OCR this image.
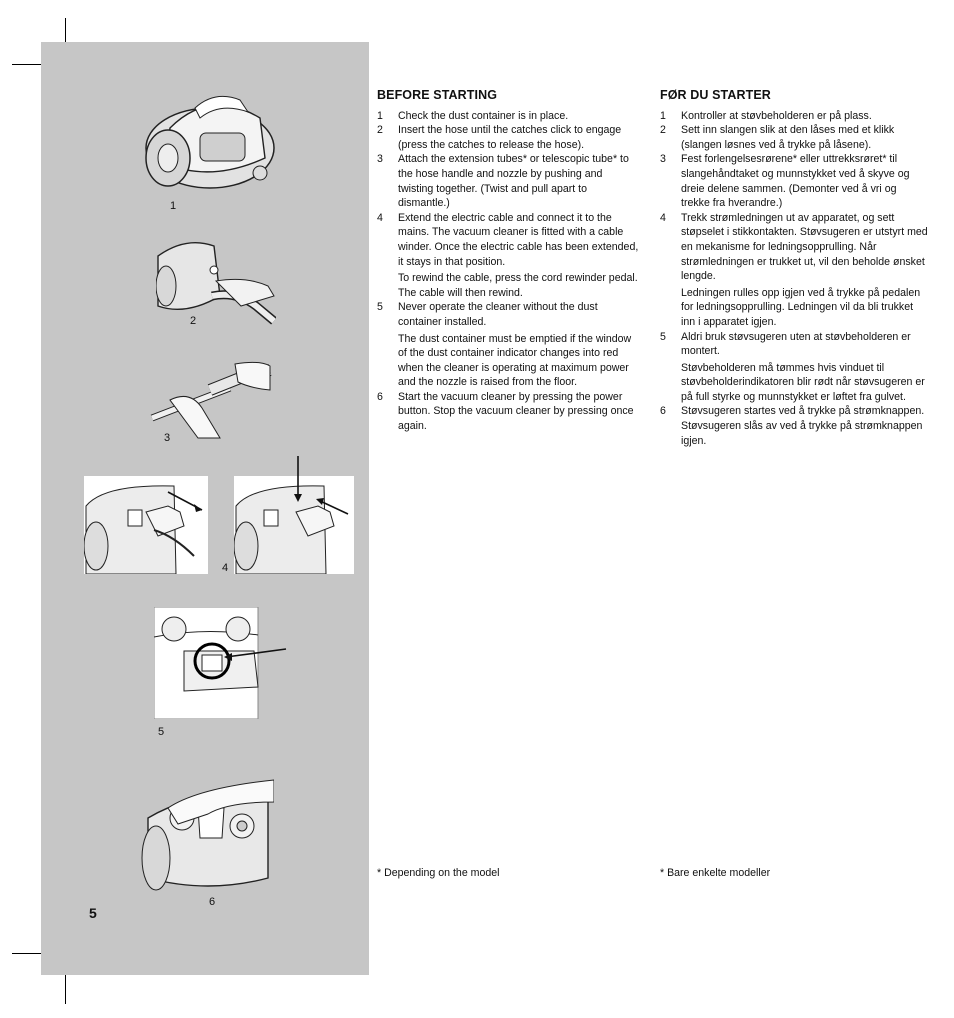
1
2
3
4
5
6
5
BEFORE STARTING
1	Check the dust container is in place.

2	Insert the hose until the catches click to engage (press the catches to release the hose).

3	Attach the extension tubes* or telescopic tube* to the hose handle and nozzle by pushing and twisting together. (Twist and pull apart to dismantle.)

4	Extend the electric cable and connect it to the mains. The vacuum cleaner is fitted with a cable winder. Once the electric cable has been extended, it stays in that position.

To rewind the cable, press the cord rewinder pedal. The cable will then rewind.

5	Never operate the cleaner without the dust container installed.

The dust container must be emptied if the window of the dust container indicator changes into red when the cleaner is operating at maximum power and the nozzle is raised from the floor.

6	Start the vacuum cleaner by pressing the power button. Stop the vacuum cleaner by pressing once again.

FØR DU STARTER
1	Kontroller at støvbeholderen er på plass.

2	Sett inn slangen slik at den låses med et klikk (slangen løsnes ved å trykke på låsene).

3	Fest forlengelsesrørene* eller uttrekksrøret* til slangehåndtaket og munnstykket ved å skyve og dreie delene sammen. (Demonter ved å vri og trekke fra hverandre.)

4	Trekk strømledningen ut av apparatet, og sett støpselet i stikkontakten. Støvsugeren er utstyrt med en mekanisme for ledningsopprulling. Når strømledningen er trukket ut, vil den beholde ønsket lengde.

Ledningen rulles opp igjen ved å trykke på pedalen for ledningsopprulling. Ledningen vil da bli trukket inn i apparatet igjen.

5	Aldri bruk støvsugeren uten at støvbeholderen er montert.

Støvbeholderen må tømmes hvis vinduet til støvbeholderindikatoren blir rødt når støvsugeren er på full styrke og munnstykket er løftet fra gulvet.

6	Støvsugeren startes ved å trykke på strømknappen. Støvsugeren slås av ved å trykke på strømknappen igjen.

* Depending on the model	* Bare enkelte modeller
